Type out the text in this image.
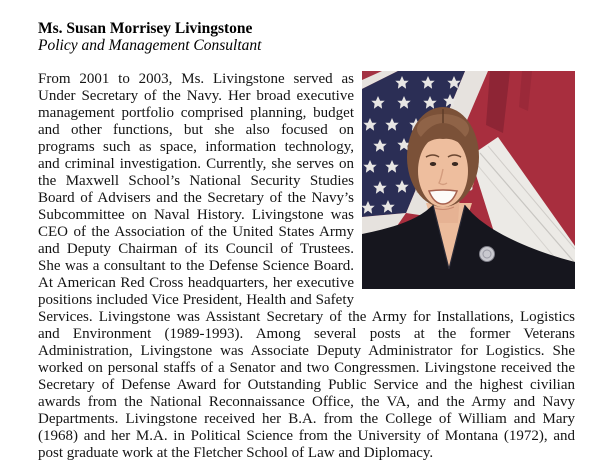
Ms. Susan Morrisey Livingstone
Policy and Management Consultant

From 2001 to 2003, Ms. Livingstone served as Under Secretary of the Navy. Her broad executive management portfolio comprised planning, budget and other functions, but she also focused on programs such as space, information technology, and criminal investigation. Currently, she serves on the Maxwell School’s National Security Studies Board of Advisers and the Secretary of the Navy’s Subcommittee on Naval History. Livingstone was CEO of the Association of the United States Army and Deputy Chairman of its Council of Trustees. She was a consultant to the Defense Science Board. At American Red Cross headquarters, her executive positions included Vice President, Health and Safety Services. Livingstone was Assistant Secretary of the Army for Installations, Logistics and Environment (1989-1993). Among several posts at the former Veterans Administration, Livingstone was Associate Deputy Administrator for Logistics. She worked on personal staffs of a Senator and two Congressmen. Livingstone received the Secretary of Defense Award for Outstanding Public Service and the highest civilian awards from the National Reconnaissance Office, the VA, and the Army and Navy Departments. Livingstone received her B.A. from the College of William and Mary (1968) and her M.A. in Political Science from the University of Montana (1972), and post graduate work at the Fletcher School of Law and Diplomacy.
